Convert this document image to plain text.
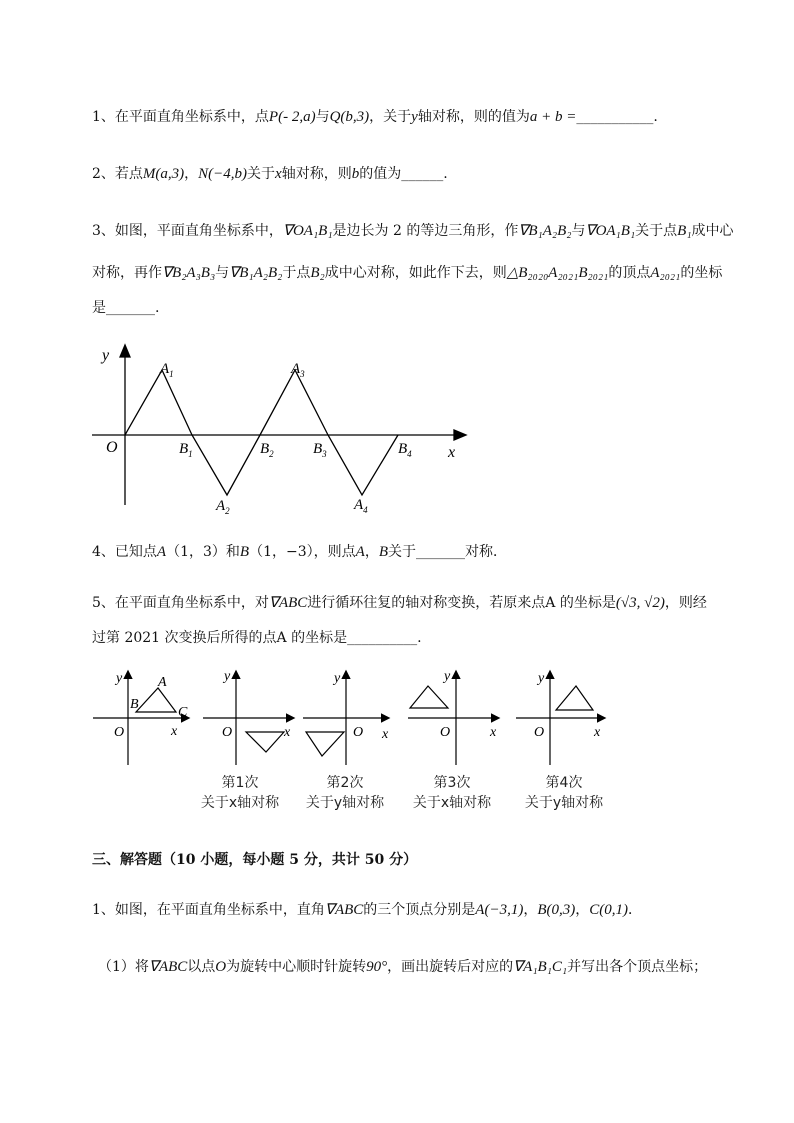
1、在平面直角坐标系中，点P(- 2,a)与Q(b,3)，关于y轴对称，则的值为a + b =___________.
2、若点M(a,3)，N(−4,b)关于x轴对称，则b的值为______.
3、如图，平面直角坐标系中，∇OA₁B₁是边长为 2 的等边三角形，作∇B₁A₂B₂与∇OA₁B₁关于点B₁成中心
对称，再作∇B₂A₃B₃与∇B₁A₂B₂于点B₂成中心对称，如此作下去，则△B₂₀₂₀A₂₀₂₁B₂₀₂₁的顶点A₂₀₂₁的坐标
是_______.
y
x
O
$A_1$	$A_3$
$A_2$	$A_4$
$B_1$	$B_2$	$B_3$	$B_4$
4、已知点A（1，3）和B（1，−3），则点A，B关于_______对称．
5、在平面直角坐标系中，对∇ABC进行循环往复的轴对称变换，若原来点A 的坐标是(√3, √2)，则经
过第 2021 次变换后所得的点A 的坐标是__________.
y
x
O
A
B
C
y
x
O
y
x
O
y
x
O
y
x
O
第1次
关于x轴对称
第2次
关于y轴对称
第3次
关于x轴对称
第4次
关于y轴对称
三、解答题（10 小题，每小题 5 分，共计 50 分）
1、如图，在平面直角坐标系中，直角∇ABC的三个顶点分别是A(−3,1)，B(0,3)，C(0,1)．
（1）将∇ABC以点O为旋转中心顺时针旋转90°，画出旋转后对应的∇A₁B₁C₁并写出各个顶点坐标；
